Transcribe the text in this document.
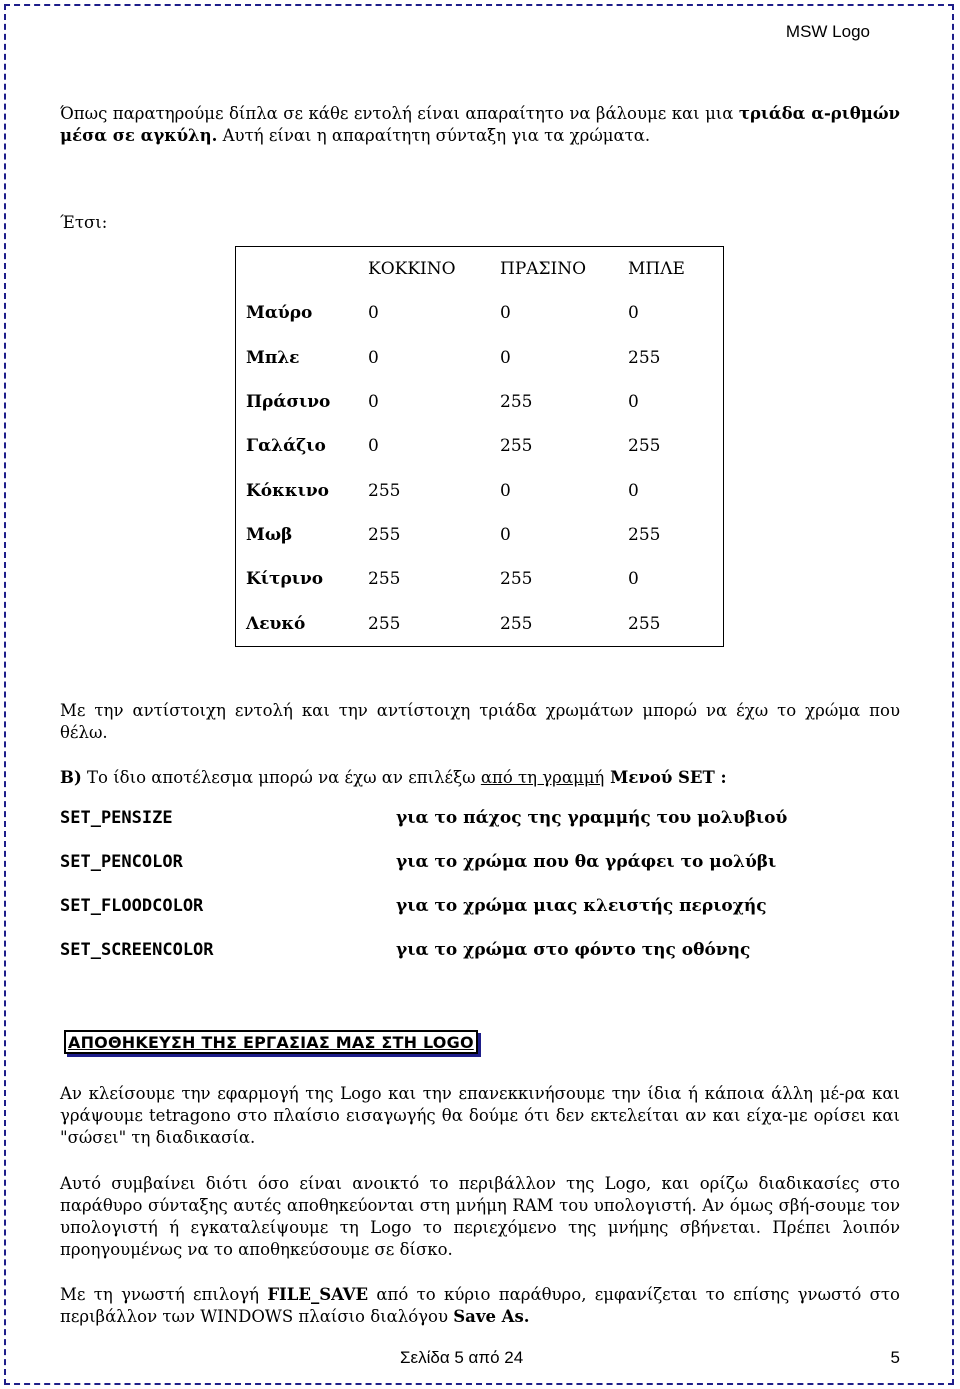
MSW Logo

Όπως παρατηρούμε δίπλα σε κάθε εντολή είναι απαραίτητο να βάλουμε και μια τριάδα α-ριθμών μέσα σε αγκύλη. Αυτή είναι η απαραίτητη σύνταξη για τα χρώματα.

Έτσι:

	ΚΟΚΚΙΝΟ	ΠΡΑΣΙΝΟ	ΜΠΛΕ
Μαύρο	0	0	0
Μπλε	0	0	255
Πράσινο	0	255	0
Γαλάζιο	0	255	255
Κόκκινο	255	0	0
Μωβ	255	0	255
Κίτρινο	255	255	0
Λευκό	255	255	255

Με την αντίστοιχη εντολή και την αντίστοιχη τριάδα χρωμάτων μπορώ να έχω το χρώμα που θέλω.

Β) Το ίδιο αποτέλεσμα μπορώ να έχω αν επιλέξω από τη γραμμή Μενού SET :

SET_PENSIZE	για το πάχος της γραμμής του μολυβιού
SET_PENCOLOR	για το χρώμα που θα γράφει το μολύβι
SET_FLOODCOLOR	για το χρώμα μιας κλειστής περιοχής
SET_SCREENCOLOR	για το χρώμα στο φόντο της οθόνης
ΑΠΟΘΗΚΕΥΣΗ ΤΗΣ ΕΡΓΑΣΙΑΣ ΜΑΣ ΣΤΗ LOGO

Αν κλείσουμε την εφαρμογή της Logo και την επανεκκινήσουμε την ίδια ή κάποια άλλη μέ-ρα και γράψουμε tetragono στο πλαίσιο εισαγωγής θα δούμε ότι δεν εκτελείται αν και είχα-με ορίσει και "σώσει" τη διαδικασία.

Αυτό συμβαίνει διότι όσο είναι ανοικτό το περιβάλλον της Logo, και ορίζω διαδικασίες στο παράθυρο σύνταξης αυτές αποθηκεύονται στη μνήμη RAM του υπολογιστή. Αν όμως σβή-σουμε τον υπολογιστή ή εγκαταλείψουμε τη Logo το περιεχόμενο της μνήμης σβήνεται. Πρέπει λοιπόν προηγουμένως να το αποθηκεύσουμε σε δίσκο.

Με τη γνωστή επιλογή FILE_SAVE από το κύριο παράθυρο, εμφανίζεται το επίσης γνωστό στο περιβάλλον των WINDOWS πλαίσιο διαλόγου Save As.

Σελίδα 5 από 24	5
